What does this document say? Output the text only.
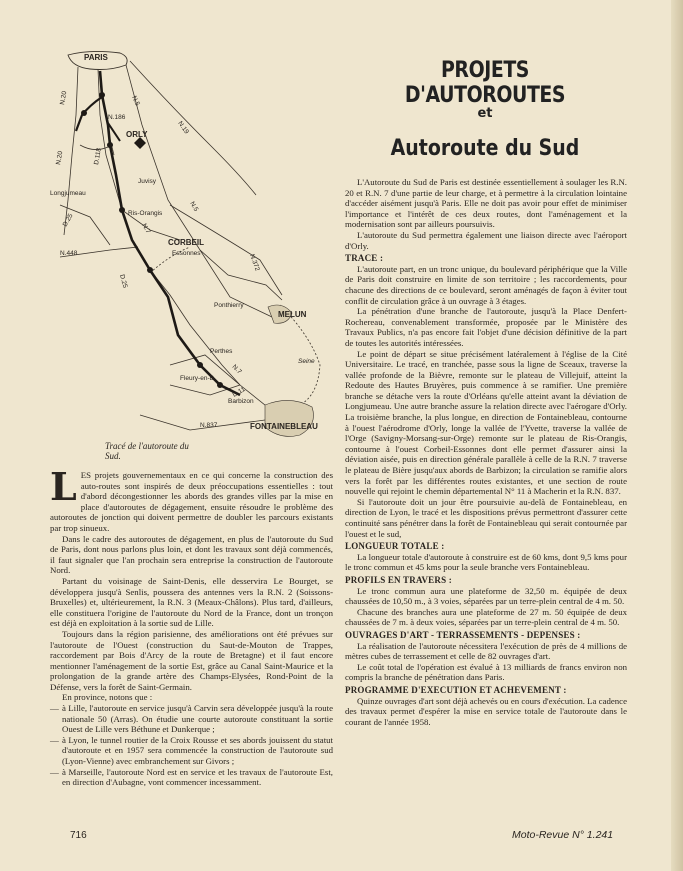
PARIS
ORLY
Juvisy
Ris-Orangis
CORBEIL
Essonnes
Longjumeau
Ponthierry
MELUN
Perthes
Fleury-en-B.
Barbizon
FONTAINEBLEAU
N.20
N.20
N.186
N.5
N.19
N.5
N.7
N.7
N.448
D.25
D.118
D.25
N.372
N.837
D.11
Seine
Tracé de l'autoroute du Sud.
PROJETS D'AUTOROUTES
et
Autoroute du Sud

LES projets gouvernementaux en ce qui concerne la construction des auto-routes sont inspirés de deux préoccupations essentielles : tout d'abord décongestionner les abords des grandes villes par la mise en place d'autoroutes de dégagement, ensuite résoudre le problème des autoroutes de jonction qui doivent permettre de doubler les parcours existants par trop sinueux.

Dans le cadre des autoroutes de dégagement, en plus de l'autoroute du Sud de Paris, dont nous parlons plus loin, et dont les travaux sont déjà commencés, il faut signaler que l'an prochain sera entreprise la construction de l'autoroute Nord.

Partant du voisinage de Saint-Denis, elle desservira Le Bourget, se développera jusqu'à Senlis, poussera des antennes vers la R.N. 2 (Soissons-Bruxelles) et, ultérieurement, la R.N. 3 (Meaux-Châlons). Plus tard, d'ailleurs, elle constituera l'origine de l'autoroute du Nord de la France, dont un tronçon est déjà en exploitation à la sortie sud de Lille.

Toujours dans la région parisienne, des améliorations ont été prévues sur l'autoroute de l'Ouest (construction du Saut-de-Mouton de Trappes, raccordement par Bois d'Arcy de la route de Bretagne) et il faut encore mentionner l'aménagement de la sortie Est, grâce au Canal Saint-Maurice et la prolongation de la grande artère des Champs-Elysées, Rond-Point de la Défense, vers la forêt de Saint-Germain.

En province, notons que :

— à Lille, l'autoroute en service jusqu'à Carvin sera développée jusqu'à la route nationale 50 (Arras). On étudie une courte autoroute constituant la sortie Ouest de Lille vers Béthune et Dunkerque ;

— à Lyon, le tunnel routier de la Croix Rousse et ses abords jouissent du statut d'autoroute et en 1957 sera commencée la construction de l'autoroute sud (Lyon-Vienne) avec embranchement sur Givors ;

— à Marseille, l'autoroute Nord est en service et les travaux de l'autoroute Est, en direction d'Aubagne, vont commencer incessamment.

L'Autoroute du Sud de Paris est destinée essentiellement à soulager les R.N. 20 et R.N. 7 d'une partie de leur charge, et à permettre à la circulation lointaine d'accéder aisément jusqu'à Paris. Elle ne doit pas avoir pour effet de minimiser l'importance et l'intérêt de ces deux routes, dont l'aménagement et la modernisation sont par ailleurs poursuivis.

L'autoroute du Sud permettra également une liaison directe avec l'aéroport d'Orly.

TRACE :

L'autoroute part, en un tronc unique, du boulevard périphérique que la Ville de Paris doit construire en limite de son territoire ; les raccordements, pour chacune des directions de ce boulevard, seront aménagés de façon à éviter tout conflit de circulation grâce à un ouvrage à 3 étages.

La pénétration d'une branche de l'autoroute, jusqu'à la Place Denfert-Rochereau, convenablement transformée, proposée par le Ministère des Travaux Publics, n'a pas encore fait l'objet d'une décision définitive de la part de toutes les autorités intéressées.

Le point de départ se situe précisément latéralement à l'église de la Cité Universitaire. Le tracé, en tranchée, passe sous la ligne de Sceaux, traverse la vallée profonde de la Bièvre, remonte sur le plateau de Villejuif, atteint la Redoute des Hautes Bruyères, puis commence à se ramifier. Une première branche se détache vers la route d'Orléans qu'elle atteint avant la déviation de Longjumeau. Une autre branche assure la relation directe avec l'aérogare d'Orly. La troisième branche, la plus longue, en direction de Fontainebleau, contourne à l'ouest l'aérodrome d'Orly, longe la vallée de l'Yvette, traverse la vallée de l'Orge (Savigny-Morsang-sur-Orge) remonte sur le plateau de Ris-Orangis, contourne à l'ouest Corbeil-Essonnes dont elle permet d'assurer ainsi la déviation aisée, puis en direction générale parallèle à celle de la R.N. 7 traverse le plateau de Bière jusqu'aux abords de Barbizon; la circulation se ramifie alors vers la forêt par les différentes routes existantes, et une section de route nouvelle qui rejoint le chemin départemental N° 11 à Macherin et la R.N. 837.

Si l'autoroute doit un jour être poursuivie au-delà de Fontainebleau, en direction de Lyon, le tracé et les dispositions prévus permettront d'assurer cette continuité sans pénétrer dans la forêt de Fontainebleau qui serait contournée par l'ouest et le sud,

LONGUEUR TOTALE :

La longueur totale d'autoroute à construire est de 60 kms, dont 9,5 kms pour le tronc commun et 45 kms pour la seule branche vers Fontainebleau.

PROFILS EN TRAVERS :

Le tronc commun aura une plateforme de 32,50 m. équipée de deux chaussées de 10,50 m., à 3 voies, séparées par un terre-plein central de 4 m. 50.

Chacune des branches aura une plateforme de 27 m. 50 équipée de deux chaussées de 7 m. à deux voies, séparées par un terre-plein central de 4 m. 50.

OUVRAGES D'ART - TERRASSEMENTS - DEPENSES :

La réalisation de l'autoroute nécessitera l'exécution de près de 4 millions de mètres cubes de terrassement et celle de 82 ouvrages d'art.

Le coût total de l'opération est évalué à 13 milliards de francs environ non compris la branche de pénétration dans Paris.

PROGRAMME D'EXECUTION ET ACHEVEMENT :

Quinze ouvrages d'art sont déjà achevés ou en cours d'exécution. La cadence des travaux permet d'espérer la mise en service totale de l'autoroute dans le courant de l'année 1958.

716	Moto-Revue N° 1.241
